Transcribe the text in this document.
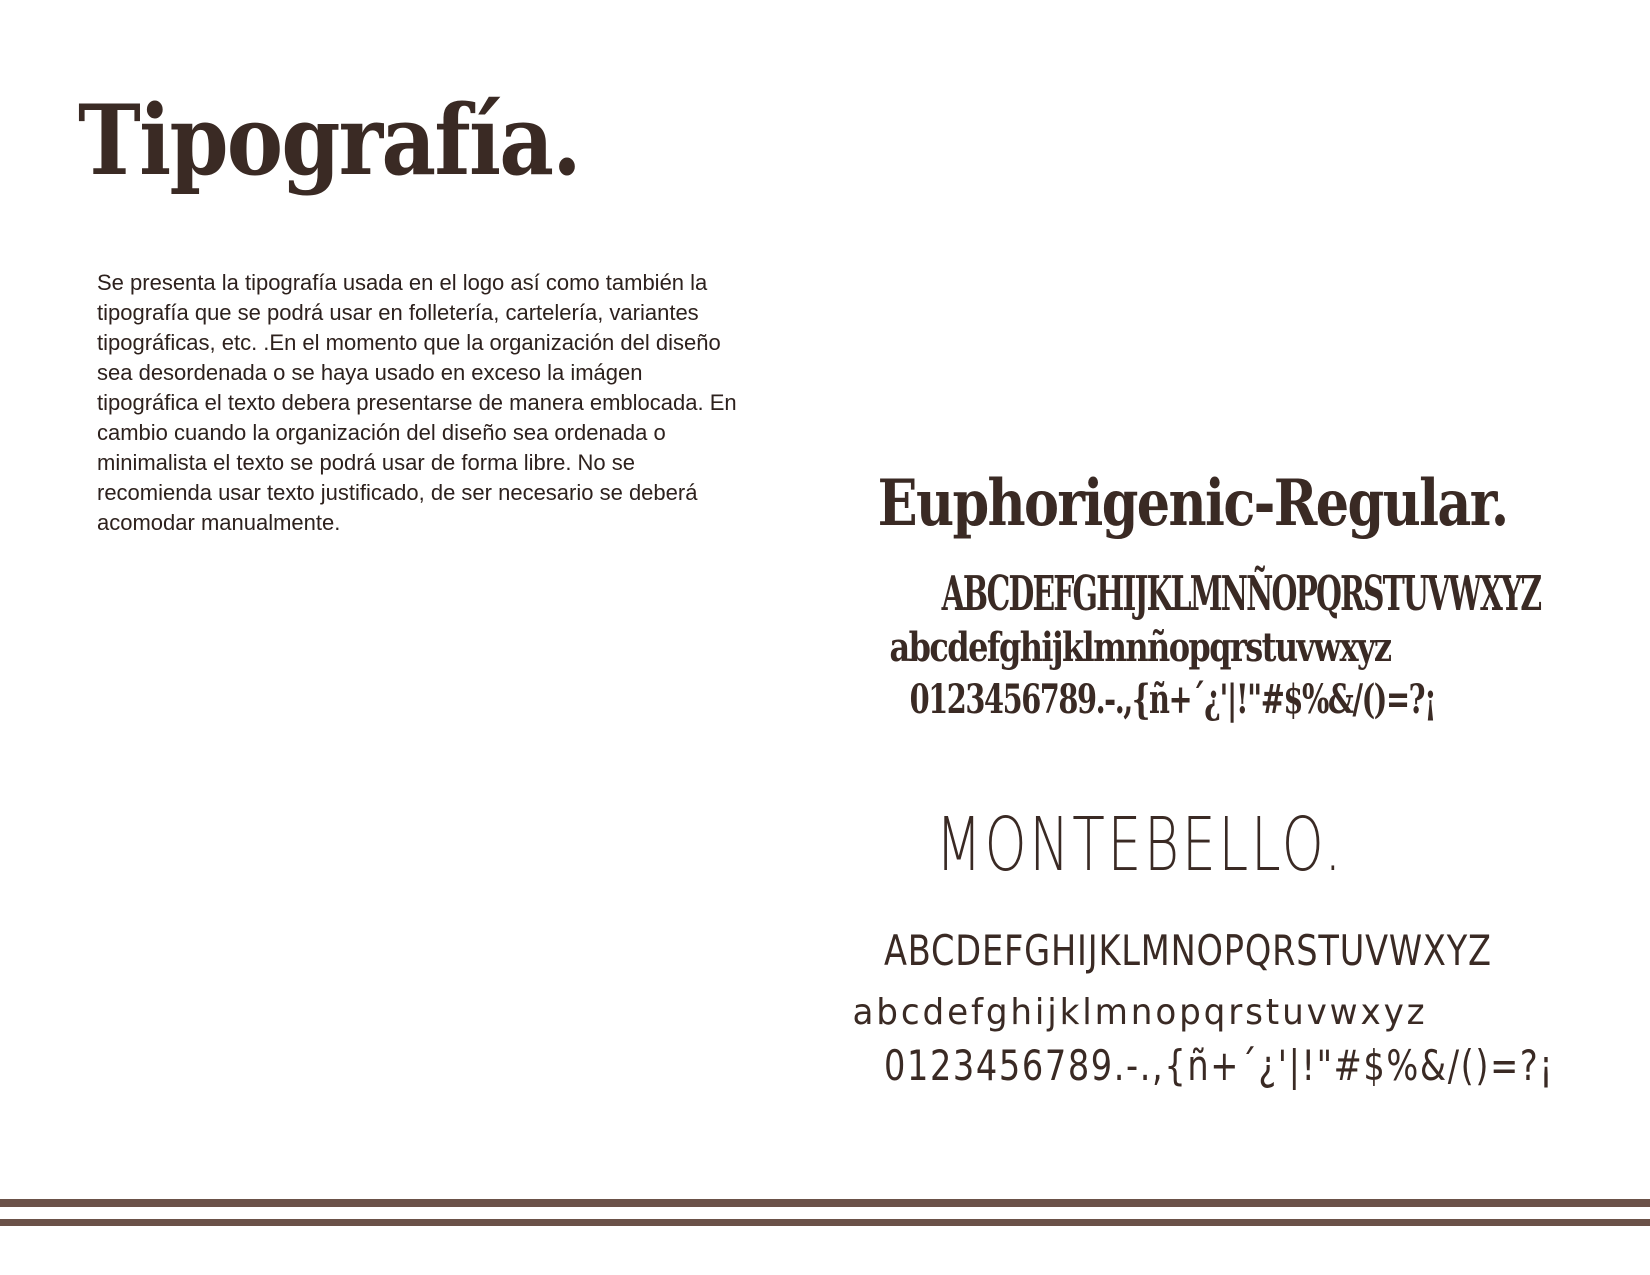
Tipografía.

Se presenta la tipografía usada en el logo así como también la tipografía que se podrá usar en folletería, cartelería, variantes tipográficas, etc. .En el momento que la organización del diseño sea desordenada o se haya usado en exceso la imágen tipográfica el texto debera presentarse de manera emblocada. En cambio cuando la organización del diseño sea ordenada o minimalista el texto se podrá usar de forma libre. No se recomienda usar texto justificado, de ser necesario se deberá acomodar manualmente.	Euphorigenic-Regular.
ABCDEFGHIJKLMNÑOPQRSTUVWXYZ
abcdefghijklmnñopqrstuvwxyz
0123456789.-.,{ñ+´¿'|!"#$%&/()=?¡
MONTEBELLO.
ABCDEFGHIJKLMNOPQRSTUVWXYZ
abcdefghijklmnopqrstuvwxyz
0123456789.-.,{ñ+´¿'|!"#$%&/()=?¡
